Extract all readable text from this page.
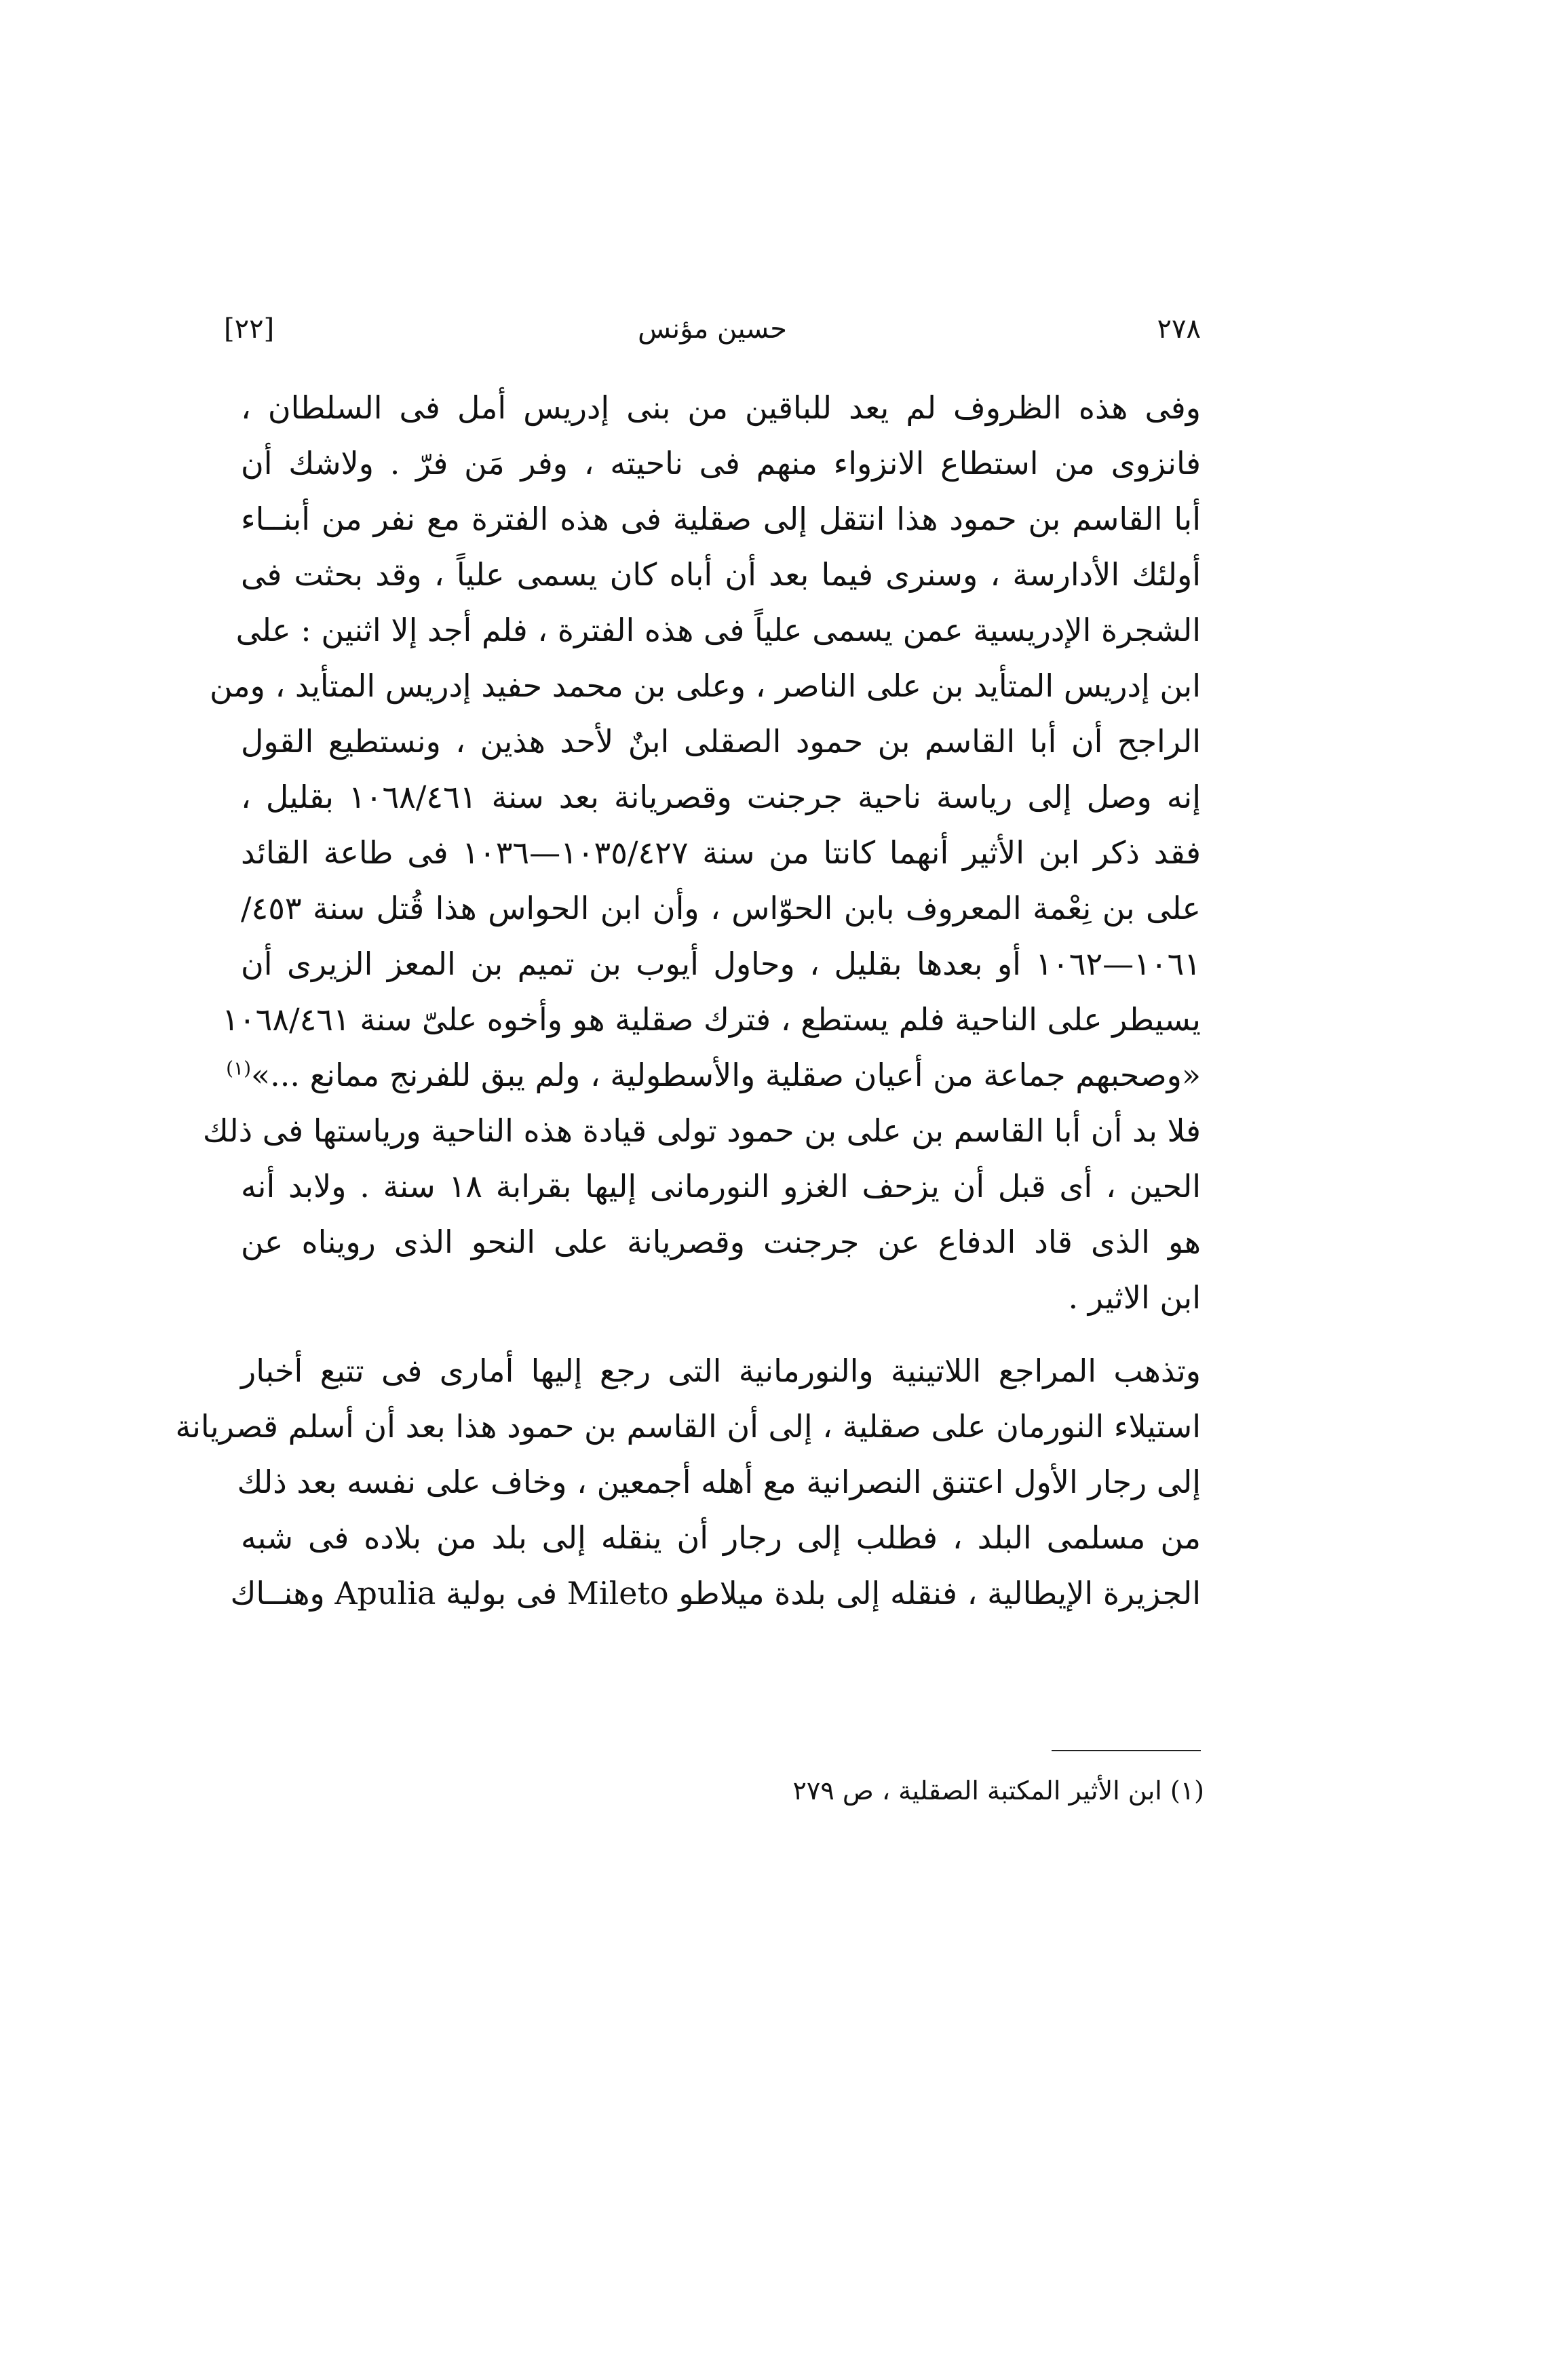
[٢٢]	حسين مؤنس	٢٧٨
وفى هذه الظروف لم يعد للباقين من بنى إدريس أمل فى السلطان ،
فانزوى من استطاع الانزواء منهم فى ناحيته ، وفر مَن فرّ . ولاشك أن
أبا القاسم بن حمود هذا انتقل إلى صقلية فى هذه الفترة مع نفر من أبنــاء
أولئك الأدارسة ، وسنرى فيما بعد أن أباه كان يسمى علياً ، وقد بحثت فى
الشجرة الإدريسية عمن يسمى علياً فى هذه الفترة ، فلم أجد إلا اثنين : على
ابن إدريس المتأيد بن على الناصر ، وعلى بن محمد حفيد إدريس المتأيد ، ومن
الراجح أن أبا القاسم بن حمود الصقلى ابنٌ لأحد هذين ، ونستطيع القول
إنه وصل إلى رياسة ناحية جرجنت وقصريانة بعد سنة ١٠٦٨/٤٦١ بقليل ،
فقد ذكر ابن الأثير أنهما كانتا من سنة ١٠٣٥/٤٢٧—١٠٣٦ فى طاعة القائد
على بن نِعْمة المعروف بابن الحوّاس ، وأن ابن الحواس هذا قُتل سنة ٤٥٣/
١٠٦١—١٠٦٢ أو بعدها بقليل ، وحاول أيوب بن تميم بن المعز الزيرى أن
يسيطر على الناحية فلم يستطع ، فترك صقلية هو وأخوه علىّ سنة ١٠٦٨/٤٦١
«وصحبهم جماعة من أعيان صقلية والأسطولية ، ولم يبق للفرنج ممانع ...»$^{(١)}$
فلا بد أن أبا القاسم بن على بن حمود تولى قيادة هذه الناحية ورياستها فى ذلك
الحين ، أى قبل أن يزحف الغزو النورمانى إليها بقرابة ١٨ سنة . ولابد أنه
هو الذى قاد الدفاع عن جرجنت وقصريانة على النحو الذى رويناه عن
ابن الاثير .
وتذهب المراجع اللاتينية والنورمانية التى رجع إليها أمارى فى تتبع أخبار
استيلاء النورمان على صقلية ، إلى أن القاسم بن حمود هذا بعد أن أسلم قصريانة
إلى رجار الأول اعتنق النصرانية مع أهله أجمعين ، وخاف على نفسه بعد ذلك
من مسلمى البلد ، فطلب إلى رجار أن ينقله إلى بلد من بلاده فى شبه
الجزيرة الإيطالية ، فنقله إلى بلدة ميلاطو Mileto فى بولية Apulia وهنــاك
(١) ابن الأثير المكتبة الصقلية ، ص ٢٧٩
